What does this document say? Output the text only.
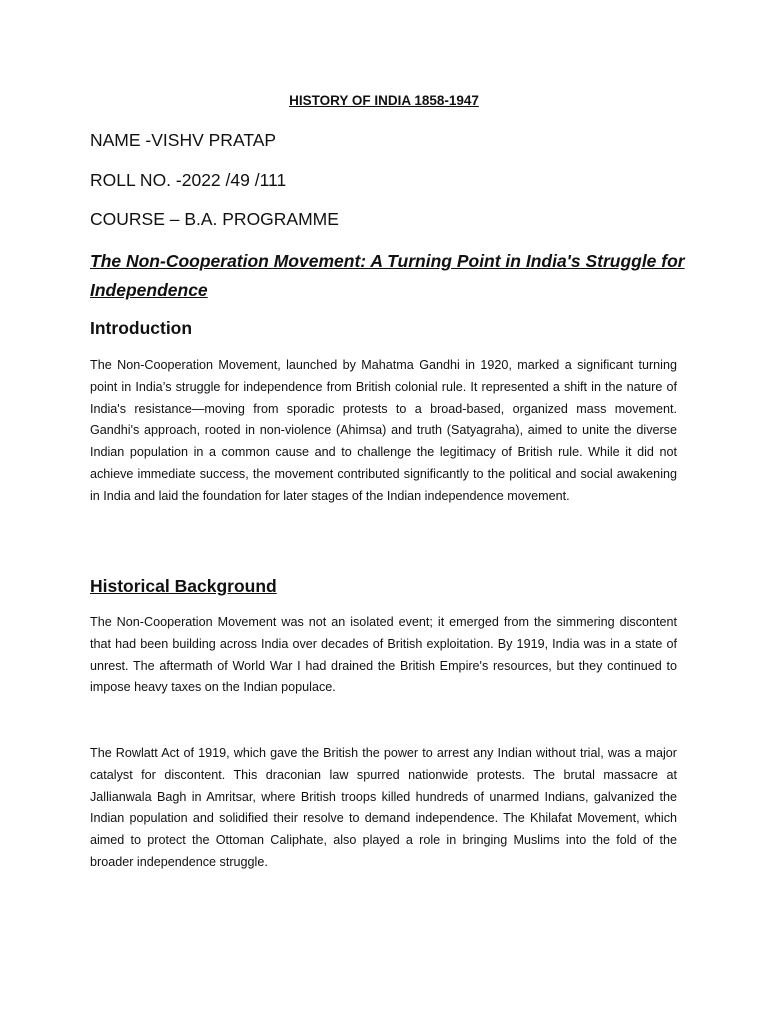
HISTORY OF INDIA 1858-1947
NAME -VISHV PRATAP
ROLL NO. -2022 /49 /111
COURSE – B.A. PROGRAMME
The Non-Cooperation Movement: A Turning Point in India's Struggle for Independence
Introduction

The Non-Cooperation Movement, launched by Mahatma Gandhi in 1920, marked a significant turning point in India’s struggle for independence from British colonial rule. It represented a shift in the nature of India's resistance—moving from sporadic protests to a broad-based, organized mass movement. Gandhi's approach, rooted in non-violence (Ahimsa) and truth (Satyagraha), aimed to unite the diverse Indian population in a common cause and to challenge the legitimacy of British rule. While it did not achieve immediate success, the movement contributed significantly to the political and social awakening in India and laid the foundation for later stages of the Indian independence movement.

Historical Background

The Non-Cooperation Movement was not an isolated event; it emerged from the simmering discontent that had been building across India over decades of British exploitation. By 1919, India was in a state of unrest. The aftermath of World War I had drained the British Empire's resources, but they continued to impose heavy taxes on the Indian populace.

The Rowlatt Act of 1919, which gave the British the power to arrest any Indian without trial, was a major catalyst for discontent. This draconian law spurred nationwide protests. The brutal massacre at Jallianwala Bagh in Amritsar, where British troops killed hundreds of unarmed Indians, galvanized the Indian population and solidified their resolve to demand independence. The Khilafat Movement, which aimed to protect the Ottoman Caliphate, also played a role in bringing Muslims into the fold of the broader independence struggle.
